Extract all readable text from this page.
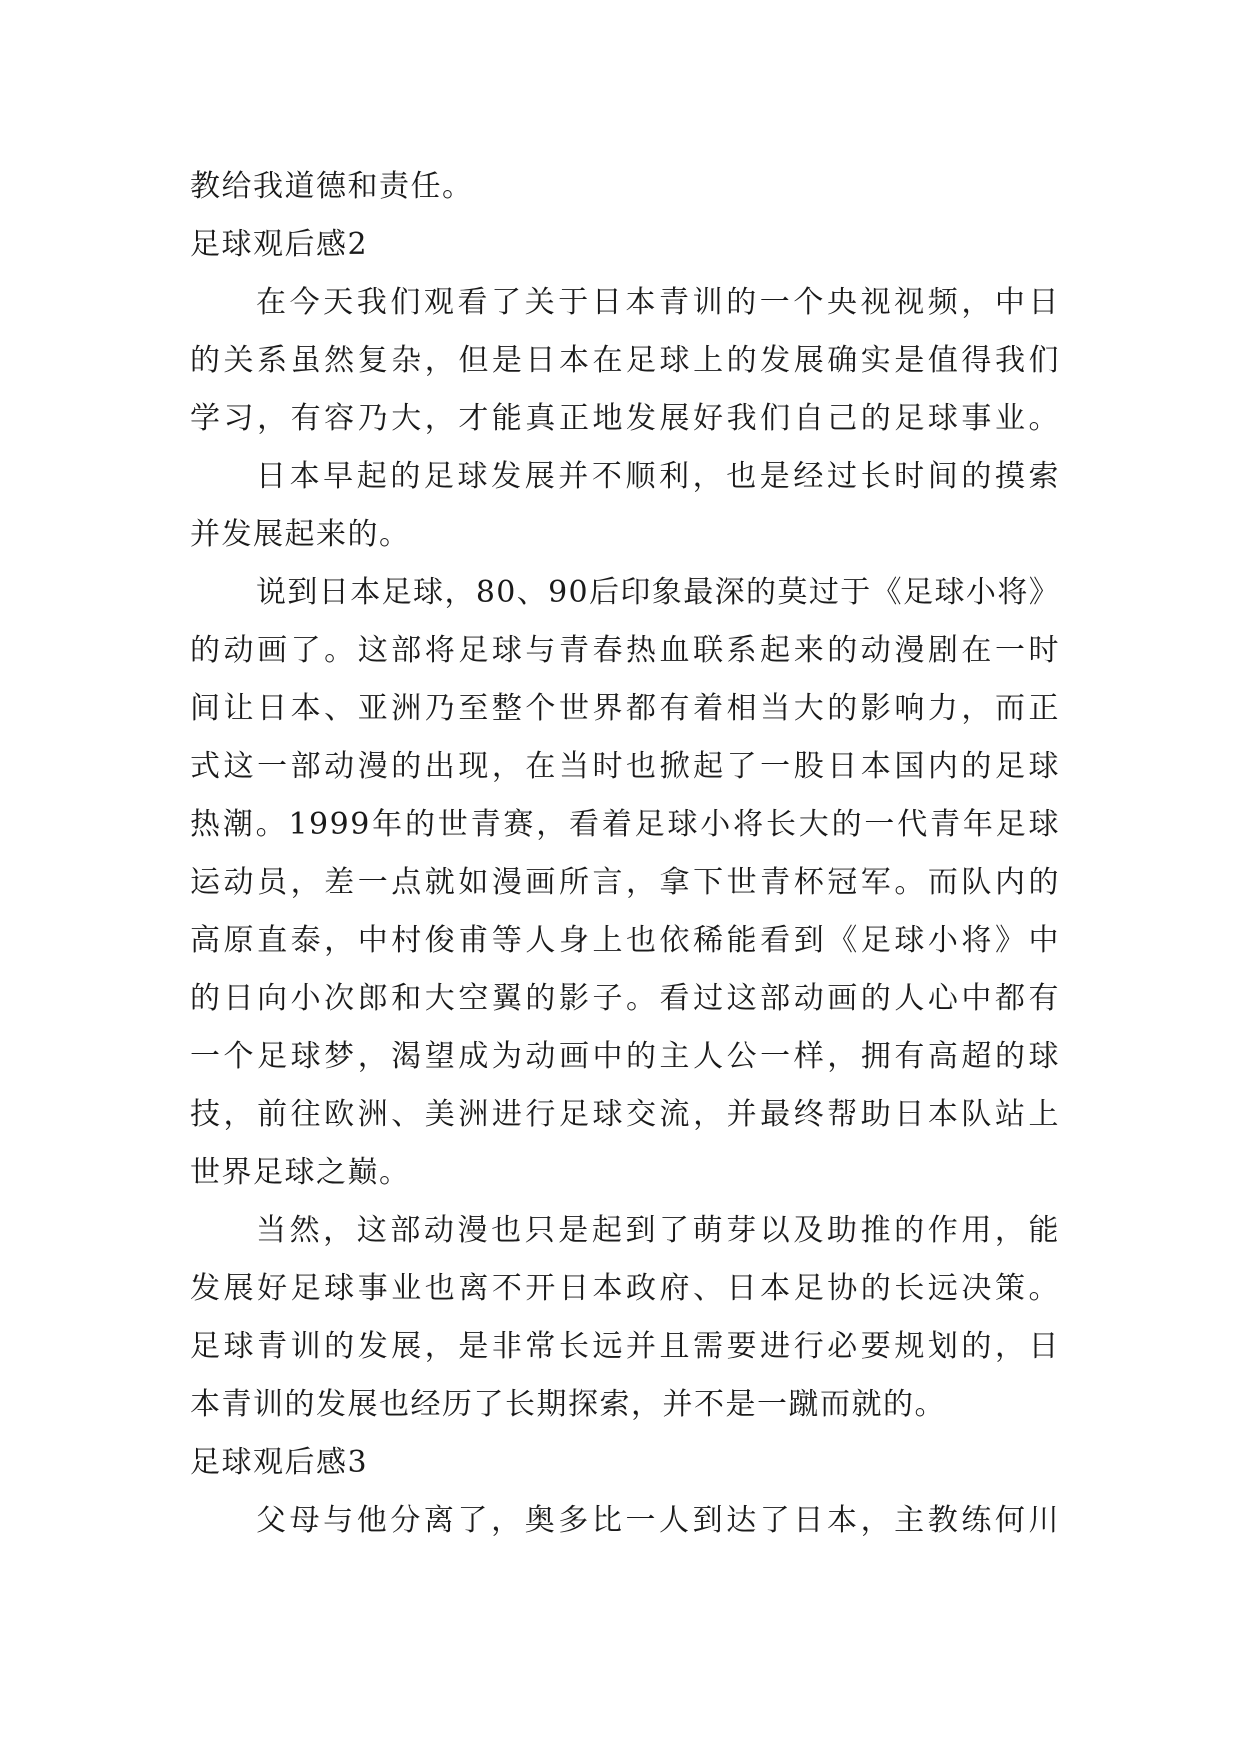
教给我道德和责任。
足球观后感2
在今天我们观看了关于日本青训的一个央视视频，中日
的关系虽然复杂，但是日本在足球上的发展确实是值得我们
学习，有容乃大，才能真正地发展好我们自己的足球事业。
日本早起的足球发展并不顺利，也是经过长时间的摸索
并发展起来的。
说到日本足球，80、90后印象最深的莫过于《足球小将》
的动画了。这部将足球与青春热血联系起来的动漫剧在一时
间让日本、亚洲乃至整个世界都有着相当大的影响力，而正
式这一部动漫的出现，在当时也掀起了一股日本国内的足球
热潮。1999年的世青赛，看着足球小将长大的一代青年足球
运动员，差一点就如漫画所言，拿下世青杯冠军。而队内的
高原直泰，中村俊甫等人身上也依稀能看到《足球小将》中
的日向小次郎和大空翼的影子。看过这部动画的人心中都有
一个足球梦，渴望成为动画中的主人公一样，拥有高超的球
技，前往欧洲、美洲进行足球交流，并最终帮助日本队站上
世界足球之巅。
当然，这部动漫也只是起到了萌芽以及助推的作用，能
发展好足球事业也离不开日本政府、日本足协的长远决策。
足球青训的发展，是非常长远并且需要进行必要规划的，日
本青训的发展也经历了长期探索，并不是一蹴而就的。
足球观后感3
父母与他分离了，奥多比一人到达了日本，主教练何川
